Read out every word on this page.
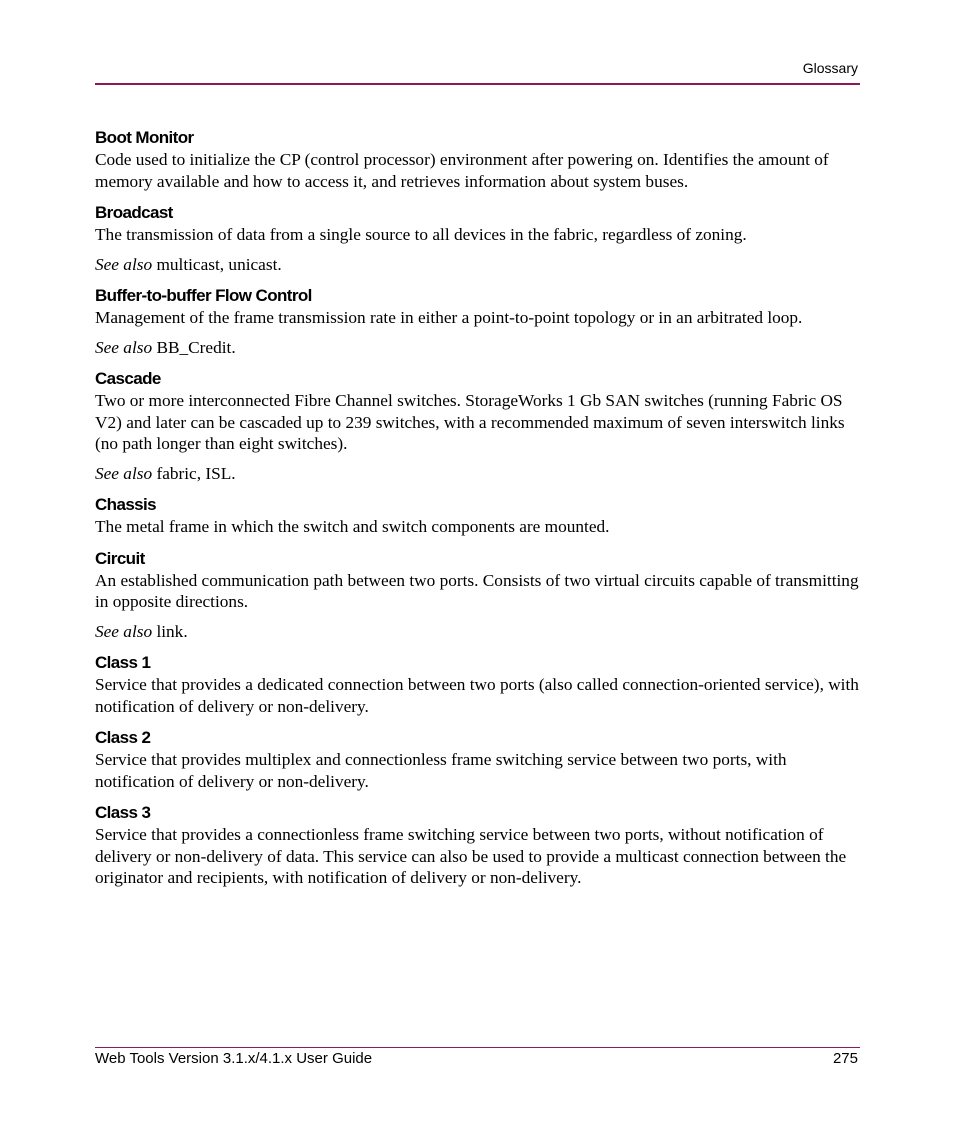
Glossary
Boot Monitor

Code used to initialize the CP (control processor) environment after powering on. Identifies the amount of memory available and how to access it, and retrieves information about system buses.

Broadcast

The transmission of data from a single source to all devices in the fabric, regardless of zoning.

See also multicast, unicast.

Buffer-to-buffer Flow Control

Management of the frame transmission rate in either a point-to-point topology or in an arbitrated loop.

See also BB_Credit.

Cascade

Two or more interconnected Fibre Channel switches. StorageWorks 1 Gb SAN switches (running Fabric OS V2) and later can be cascaded up to 239 switches, with a recommended maximum of seven interswitch links (no path longer than eight switches).

See also fabric, ISL.

Chassis

The metal frame in which the switch and switch components are mounted.

Circuit

An established communication path between two ports. Consists of two virtual circuits capable of transmitting in opposite directions.

See also link.

Class 1

Service that provides a dedicated connection between two ports (also called connection-oriented service), with notification of delivery or non-delivery.

Class 2

Service that provides multiplex and connectionless frame switching service between two ports, with notification of delivery or non-delivery.

Class 3

Service that provides a connectionless frame switching service between two ports, without notification of delivery or non-delivery of data. This service can also be used to provide a multicast connection between the originator and recipients, with notification of delivery or non-delivery.

Web Tools Version 3.1.x/4.1.x User Guide	275
